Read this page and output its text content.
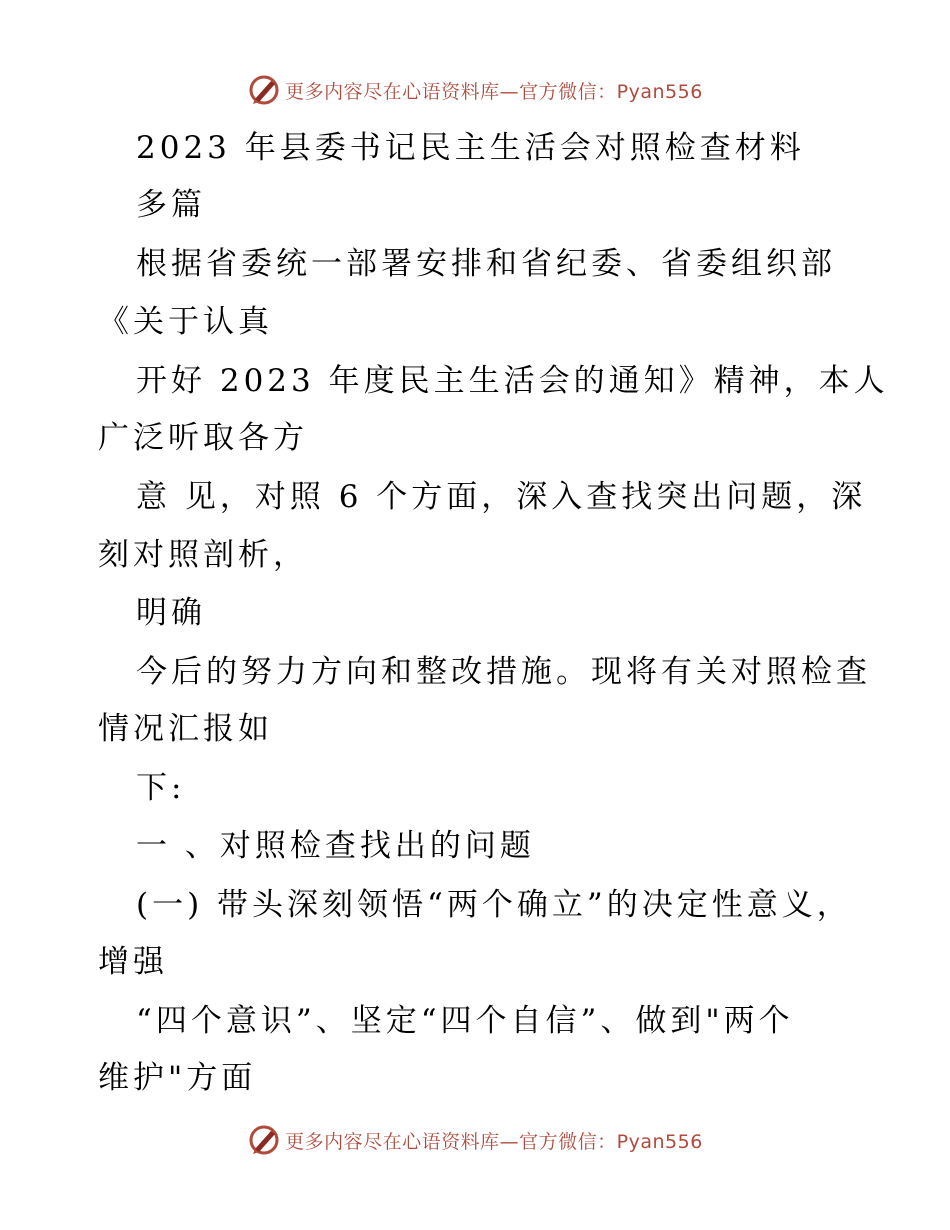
更多内容尽在心语资料库—官方微信：Pyan556
2023 年县委书记民主生活会对照检查材料
多篇
根据省委统一部署安排和省纪委、省委组织部
《关于认真
开好 2023 年度民主生活会的通知》精神，本人
广泛听取各方
意 见，对照 6 个方面，深入查找突出问题，深
刻对照剖析，
明确
今后的努力方向和整改措施。现将有关对照检查
情况汇报如
下:
一 、对照检查找出的问题
(一) 带头深刻领悟“两个确立”的决定性意义，
增强
“四个意识”、坚定“四个自信”、做到"两个
维护"方面
更多内容尽在心语资料库—官方微信：Pyan556
